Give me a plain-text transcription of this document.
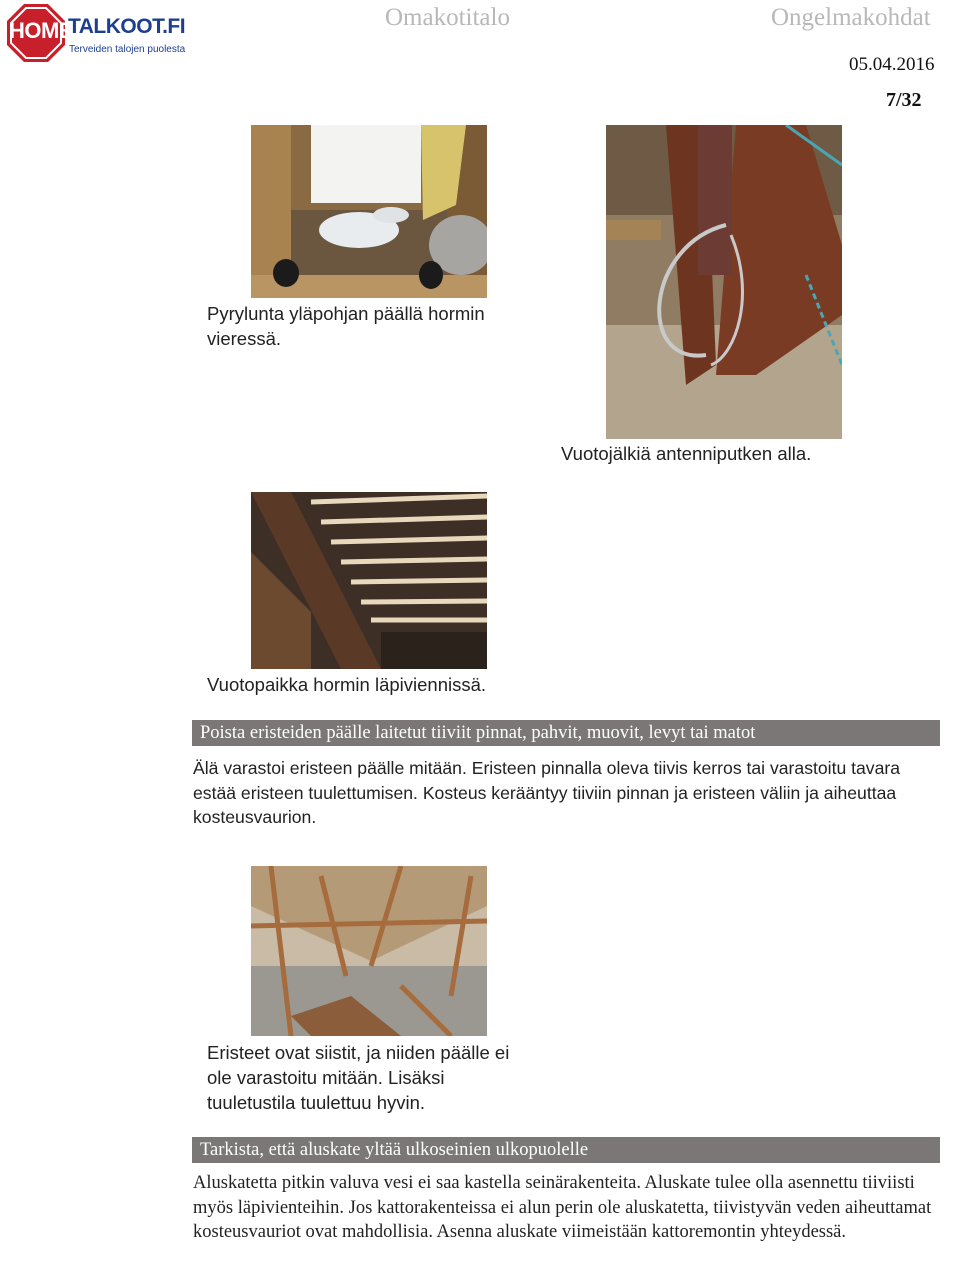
HOME
TALKOOT.FI
Terveiden talojen puolesta
Omakotitalo	Ongelmakohdat
05.04.2016
7/32
Pyrylunta yläpohjan päällä hormin vieressä.
Vuotojälkiä antenniputken alla.
Vuotopaikka hormin läpiviennissä.
Poista eristeiden päälle laitetut tiiviit pinnat, pahvit, muovit, levyt tai matot
Älä varastoi eristeen päälle mitään. Eristeen pinnalla oleva tiivis kerros tai varastoitu tavara estää eristeen tuulettumisen. Kosteus kerääntyy tiiviin pinnan ja eristeen väliin ja aiheuttaa kosteusvaurion.
Eristeet ovat siistit, ja niiden päälle ei ole varastoitu mitään. Lisäksi tuuletustila tuulettuu hyvin.
Tarkista, että aluskate yltää ulkoseinien ulkopuolelle
Aluskatetta pitkin valuva vesi ei saa kastella seinärakenteita. Aluskate tulee olla asennettu tiiviisti myös läpivienteihin. Jos kattorakenteissa ei alun perin ole aluskatetta, tiivistyvän veden aiheuttamat kosteusvauriot ovat mahdollisia. Asenna aluskate viimeistään kattoremontin yhteydessä.
